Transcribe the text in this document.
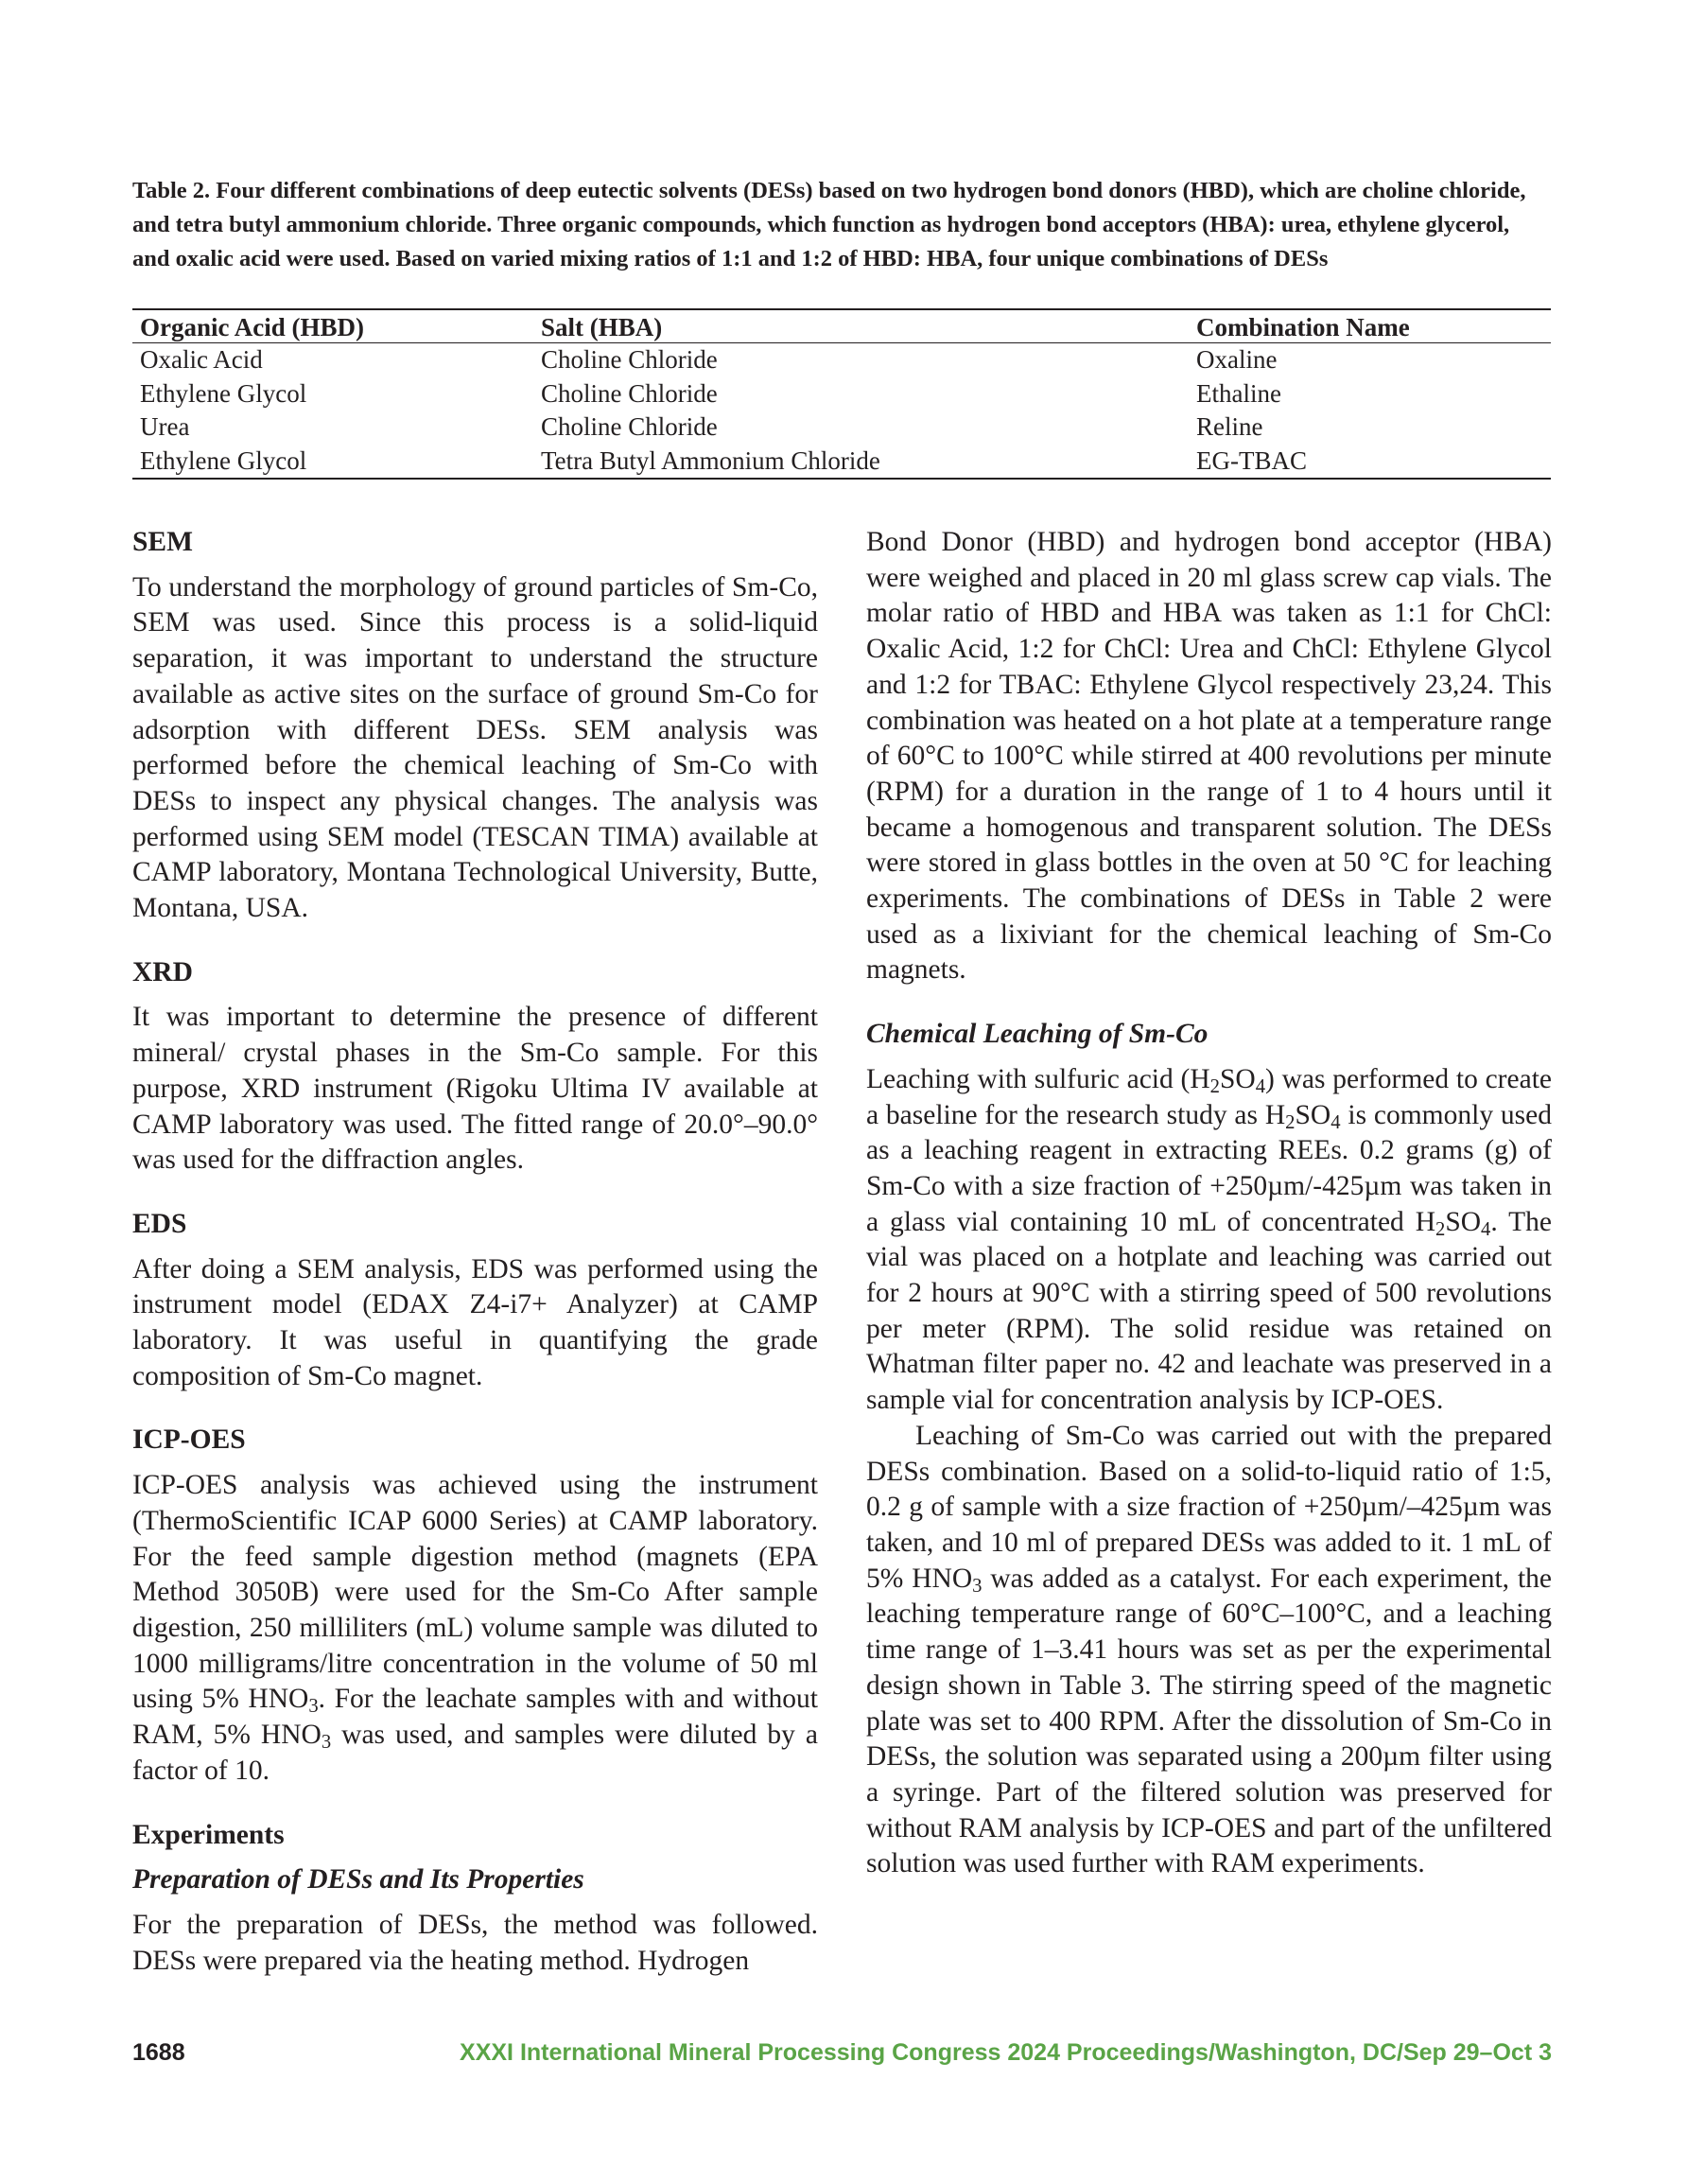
Table 2. Four different combinations of deep eutectic solvents (DESs) based on two hydrogen bond donors (HBD), which are choline chloride, and tetra butyl ammonium chloride. Three organic compounds, which function as hydrogen bond acceptors (HBA): urea, ethylene glycerol, and oxalic acid were used. Based on varied mixing ratios of 1:1 and 1:2 of HBD: HBA, four unique combinations of DESs
Organic Acid (HBD)	Salt (HBA)	Combination Name
Oxalic Acid	Choline Chloride	Oxaline
Ethylene Glycol	Choline Chloride	Ethaline
Urea	Choline Chloride	Reline
Ethylene Glycol	Tetra Butyl Ammonium Chloride	EG-TBAC
SEM

To understand the morphology of ground particles of Sm-Co, SEM was used. Since this process is a solid-liquid separation, it was important to understand the structure available as active sites on the surface of ground Sm-Co for adsorption with different DESs. SEM analysis was performed before the chemical leaching of Sm-Co with DESs to inspect any physical changes. The analysis was performed using SEM model (TESCAN TIMA) available at CAMP laboratory, Montana Technological University, Butte, Montana, USA.

XRD

It was important to determine the presence of different mineral/ crystal phases in the Sm-Co sample. For this purpose, XRD instrument (Rigoku Ultima IV available at CAMP laboratory was used. The fitted range of 20.0°–90.0° was used for the diffraction angles.

EDS

After doing a SEM analysis, EDS was performed using the instrument model (EDAX Z4-i7+ Analyzer) at CAMP laboratory. It was useful in quantifying the grade composition of Sm-Co magnet.

ICP-OES

ICP-OES analysis was achieved using the instrument (ThermoScientific ICAP 6000 Series) at CAMP laboratory. For the feed sample digestion method (magnets (EPA Method 3050B) were used for the Sm-Co After sample digestion, 250 milliliters (mL) volume sample was diluted to 1000 milligrams/litre concentration in the volume of 50 ml using 5% $HNO_3$. For the leachate samples with and without RAM, 5% $HNO_3$ was used, and samples were diluted by a factor of 10.

Experiments
Preparation of DESs and Its Properties

For the preparation of DESs, the method was followed. DESs were prepared via the heating method. Hydrogen

Bond Donor (HBD) and hydrogen bond acceptor (HBA) were weighed and placed in 20 ml glass screw cap vials. The molar ratio of HBD and HBA was taken as 1:1 for ChCl: Oxalic Acid, 1:2 for ChCl: Urea and ChCl: Ethylene Glycol and 1:2 for TBAC: Ethylene Glycol respectively 23,24. This combination was heated on a hot plate at a temperature range of 60°C to 100°C while stirred at 400 revolutions per minute (RPM) for a duration in the range of 1 to 4 hours until it became a homogenous and transparent solution. The DESs were stored in glass bottles in the oven at 50 °C for leaching experiments. The combinations of DESs in Table 2 were used as a lixiviant for the chemical leaching of Sm-Co magnets.

Chemical Leaching of Sm-Co

Leaching with sulfuric acid $(H_2SO_4)$ was performed to create a baseline for the research study as $H_2SO_4$ is commonly used as a leaching reagent in extracting REEs. 0.2 grams (g) of Sm-Co with a size fraction of +250µm/-425µm was taken in a glass vial containing 10 mL of concentrated $H_2SO_4$. The vial was placed on a hotplate and leaching was carried out for 2 hours at 90°C with a stirring speed of 500 revolutions per meter (RPM). The solid residue was retained on Whatman filter paper no. 42 and leachate was preserved in a sample vial for concentration analysis by ICP-OES.

Leaching of Sm-Co was carried out with the prepared DESs combination. Based on a solid-to-liquid ratio of 1:5, 0.2 g of sample with a size fraction of +250µm/–425µm was taken, and 10 ml of prepared DESs was added to it. 1 mL of 5% $HNO_3$ was added as a catalyst. For each experiment, the leaching temperature range of 60°C–100°C, and a leaching time range of 1–3.41 hours was set as per the experimental design shown in Table 3. The stirring speed of the magnetic plate was set to 400 RPM. After the dissolution of Sm-Co in DESs, the solution was separated using a 200µm filter using a syringe. Part of the filtered solution was preserved for without RAM analysis by ICP-OES and part of the unfiltered solution was used further with RAM experiments.

1688	XXXI International Mineral Processing Congress 2024 Proceedings/Washington, DC/Sep 29–Oct 3
